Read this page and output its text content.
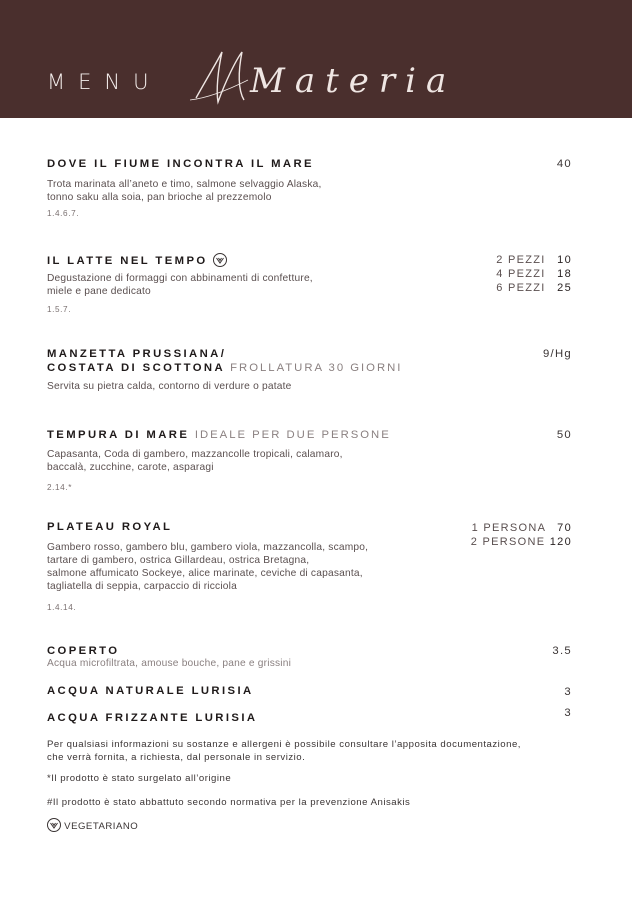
MENU	Materia
DOVE IL FIUME INCONTRA IL MARE	40
Trota marinata all’aneto e timo, salmone selvaggio Alaska,
tonno saku alla soia, pan brioche al prezzemolo
1.4.6.7.
IL LATTE NEL TEMPO	2 PEZZI 10
4 PEZZI 18
6 PEZZI 25
Degustazione di formaggi con abbinamenti di confetture,
miele e pane dedicato
1.5.7.
MANZETTA PRUSSIANA/
COSTATA DI SCOTTONA FROLLATURA 30 GIORNI
9/Hg
Servita su pietra calda, contorno di verdure o patate
TEMPURA DI MARE IDEALE PER DUE PERSONE	50
Capasanta, Coda di gambero, mazzancolle tropicali, calamaro,
baccalà, zucchine, carote, asparagi
2.14.*
PLATEAU ROYAL	1 PERSONA 70
2 PERSONE 120
Gambero rosso, gambero blu, gambero viola, mazzancolla, scampo,
tartare di gambero, ostrica Gillardeau, ostrica Bretagna,
salmone affumicato Sockeye, alice marinate, ceviche di capasanta,
tagliatella di seppia, carpaccio di ricciola
1.4.14.
COPERTO	3.5
Acqua microfiltrata, amouse bouche, pane e grissini
ACQUA NATURALE LURISIA	3
ACQUA FRIZZANTE LURISIA	3
Per qualsiasi informazioni su sostanze e allergeni è possibile consultare l’apposita documentazione,
che verrà fornita, a richiesta, dal personale in servizio.
*Il prodotto è stato surgelato all’origine
#Il prodotto è stato abbattuto secondo normativa per la prevenzione Anisakis
VEGETARIANO
